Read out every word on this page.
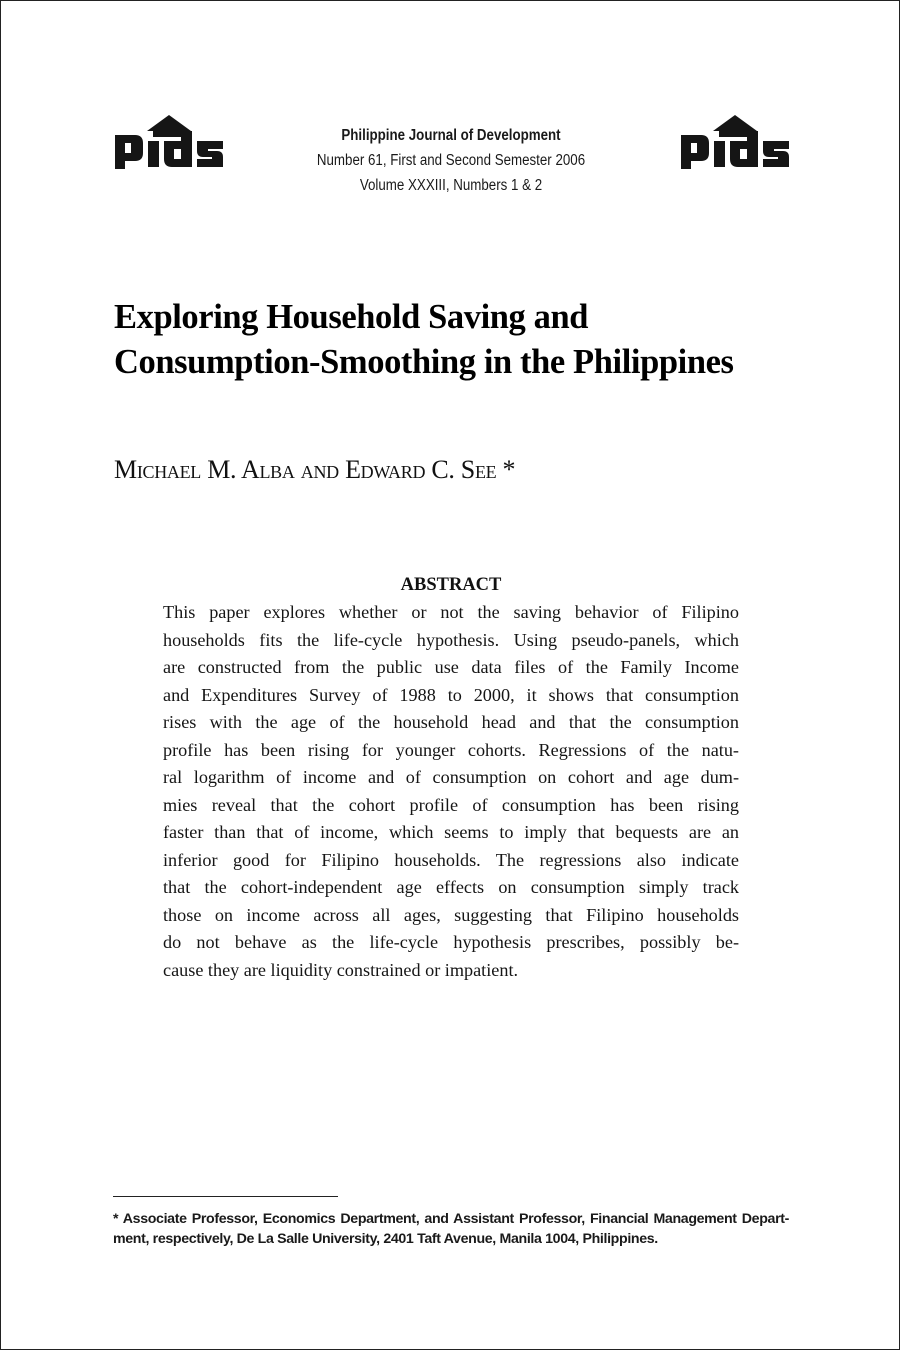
Philippine Journal of Development
Number 61, First and Second Semester 2006
Volume XXXIII, Numbers 1 & 2
Exploring Household Saving and
Consumption-Smoothing in the Philippines
Michael M. Alba and Edward C. See *
ABSTRACT
This paper explores whether or not the saving behavior of Filipino
households fits the life-cycle hypothesis. Using pseudo-panels, which
are constructed from the public use data files of the Family Income
and Expenditures Survey of 1988 to 2000, it shows that consumption
rises with the age of the household head and that the consumption
profile has been rising for younger cohorts. Regressions of the natu-
ral logarithm of income and of consumption on cohort and age dum-
mies reveal that the cohort profile of consumption has been rising
faster than that of income, which seems to imply that bequests are an
inferior good for Filipino households. The regressions also indicate
that the cohort-independent age effects on consumption simply track
those on income across all ages, suggesting that Filipino households
do not behave as the life-cycle hypothesis prescribes, possibly be-
cause they are liquidity constrained or impatient.
* Associate Professor, Economics Department, and Assistant Professor, Financial Management Depart-
ment, respectively, De La Salle University, 2401 Taft Avenue, Manila 1004, Philippines.
